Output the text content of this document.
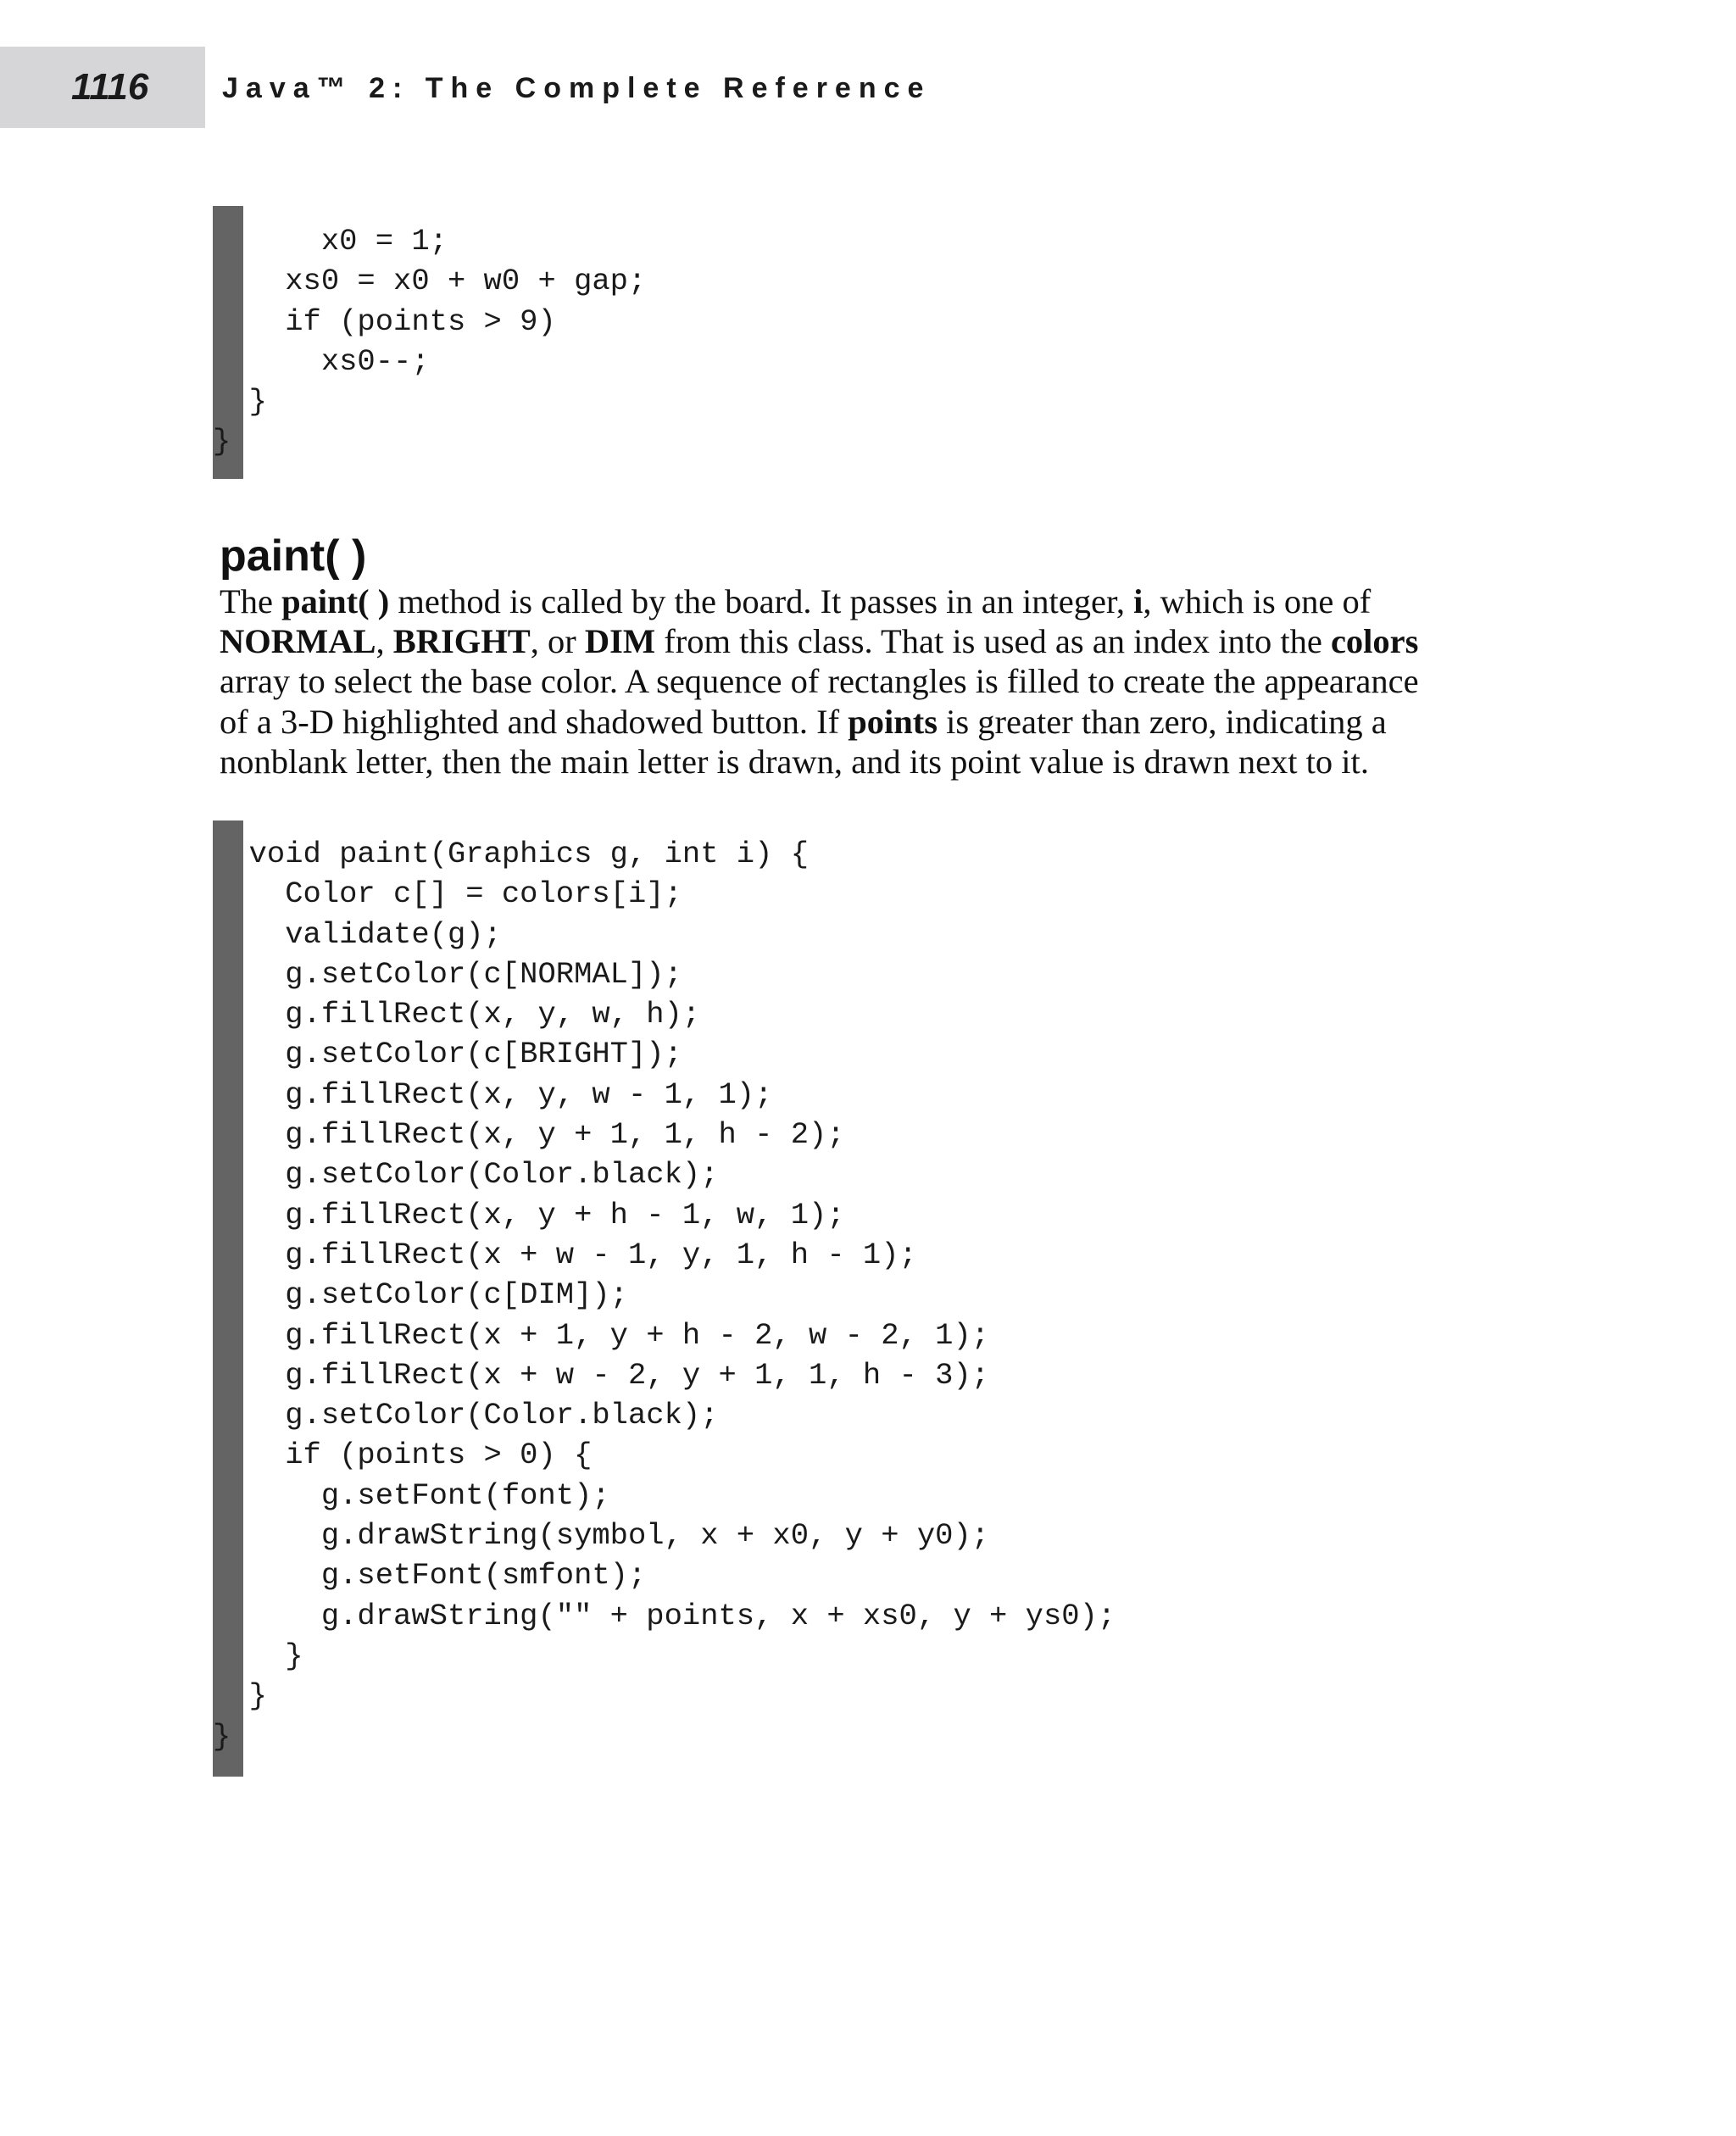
1116	Java™ 2: The Complete Reference
x0 = 1;
xs0 = x0 + w0 + gap;
if (points > 9)
xs0--;
}
}
paint( )
The paint( ) method is called by the board. It passes in an integer, i, which is one of
NORMAL, BRIGHT, or DIM from this class. That is used as an index into the colors
array to select the base color. A sequence of rectangles is filled to create the appearance
of a 3-D highlighted and shadowed button. If points is greater than zero, indicating a
nonblank letter, then the main letter is drawn, and its point value is drawn next to it.
void paint(Graphics g, int i) {
Color c[] = colors[i];
validate(g);
g.setColor(c[NORMAL]);
g.fillRect(x, y, w, h);
g.setColor(c[BRIGHT]);
g.fillRect(x, y, w - 1, 1);
g.fillRect(x, y + 1, 1, h - 2);
g.setColor(Color.black);
g.fillRect(x, y + h - 1, w, 1);
g.fillRect(x + w - 1, y, 1, h - 1);
g.setColor(c[DIM]);
g.fillRect(x + 1, y + h - 2, w - 2, 1);
g.fillRect(x + w - 2, y + 1, 1, h - 3);
g.setColor(Color.black);
if (points > 0) {
g.setFont(font);
g.drawString(symbol, x + x0, y + y0);
g.setFont(smfont);
g.drawString("" + points, x + xs0, y + ys0);
}
}
}
